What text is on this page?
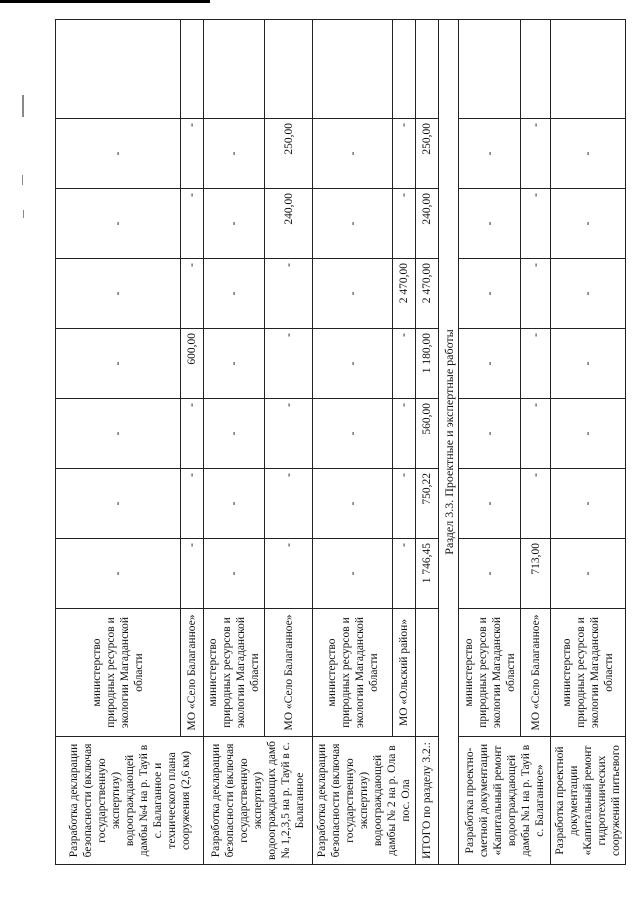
Разработка декларации безопасности (включая государственную экспертизу) водоограждающей дамбы №4 на р. Тауй в с. Балаганное и технического плана сооружения (2,6 км)	министерство природных ресурсов и экологии Магаданской области	-	-	-	-	-	-	-	
	МО «Село Балаганное»	-	-	-	600,00	-	-	-	
Разработка декларации безопасности (включая государственную экспертизу) водоограждающих дамб № 1,2,3,5 на р. Тауй в с. Балаганное	министерство природных ресурсов и экологии Магаданской области	-	-	-	-	-	-	-	
	МО «Село Балаганное»	-	-	-	-	-	240,00	250,00	
Разработка декларации безопасности (включая государственную экспертизу) водоограждающей дамбы № 2 на р. Ола в пос. Ола	министерство природных ресурсов и экологии Магаданской области	-	-	-	-	-	-	-	
	МО «Ольский район»	-	-	-	-	2 470,00	-	-	
ИТОГО по разделу 3.2.:		1 746,45	750,22	560,00	1 180,00	2 470,00	240,00	250,00	
Раздел 3.3. Проектные и экспертные работы									
Разработка проектно-сметной документации «Капитальный ремонт водоограждающей дамбы №1 на р. Тауй в с. Балаганное»	министерство природных ресурсов и экологии Магаданской области	-	-	-	-	-	-	-	
	МО «Село Балаганное»	713,00	-	-	-	-	-	-	
Разработка проектной документации «Капитальный ремонт гидротехнических сооружений питьевого	министерство природных ресурсов и экологии Магаданской области	-	-	-	-	-	-	-	
